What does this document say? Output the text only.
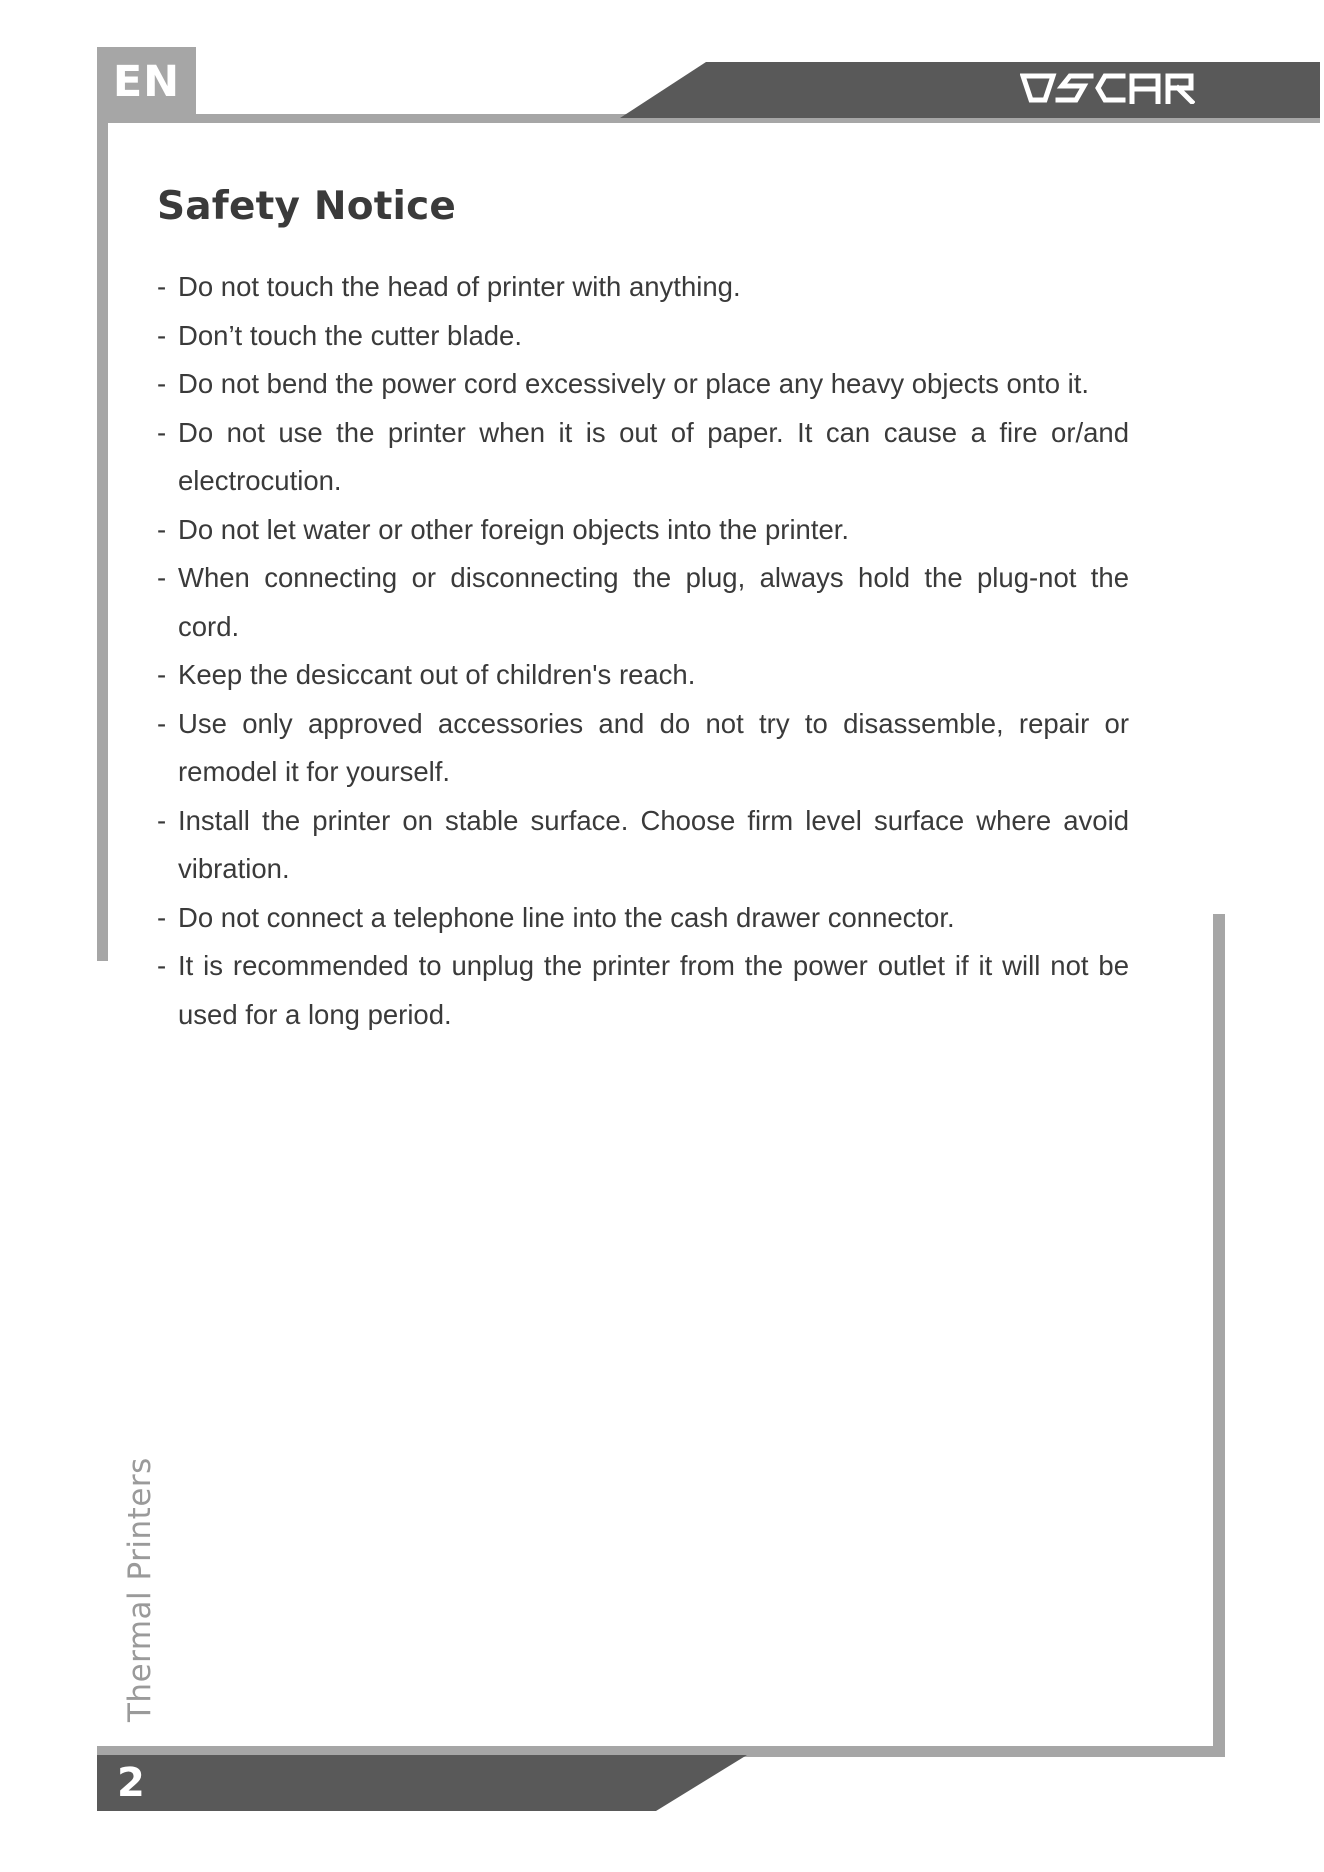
EN
Safety Notice
- Do not touch the head of printer with anything.
- Don’t touch the cutter blade.
- Do not bend the power cord excessively or place any heavy objects onto it.
- Do not use the printer when it is out of paper. It can cause a fire or/and electrocution.
- Do not let water or other foreign objects into the printer.
- When connecting or disconnecting the plug, always hold the plug-not the cord.
- Keep the desiccant out of children's reach.
- Use only approved accessories and do not try to disassemble, repair or remodel it for yourself.
- Install the printer on stable surface. Choose firm level surface where avoid vibration.
- Do not connect a telephone line into the cash drawer connector.
- It is recommended to unplug the printer from the power outlet if it will not be used for a long period.
Thermal Printers
2
